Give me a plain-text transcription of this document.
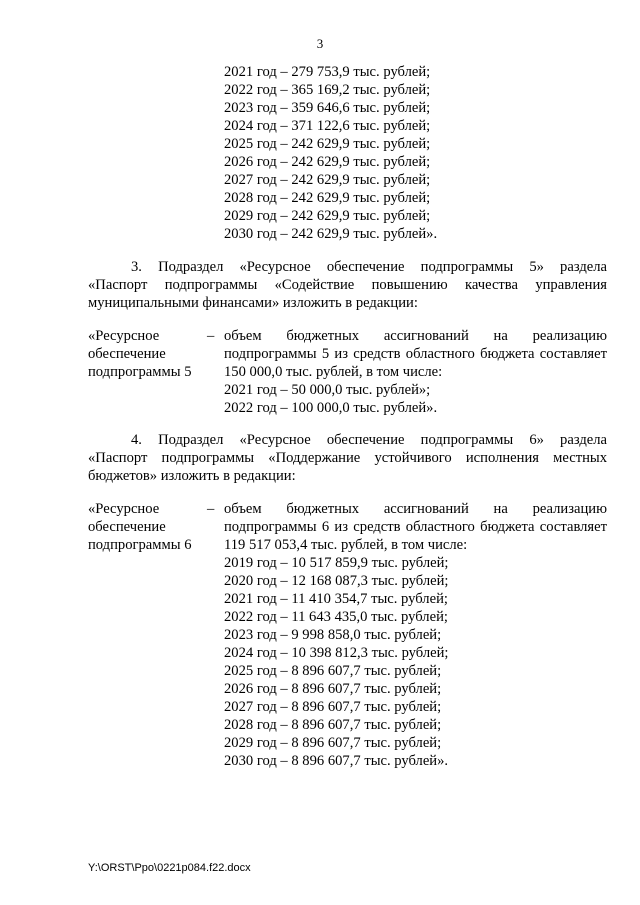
3
2021 год – 279 753,9 тыс. рублей;
2022 год – 365 169,2 тыс. рублей;
2023 год – 359 646,6 тыс. рублей;
2024 год – 371 122,6 тыс. рублей;
2025 год – 242 629,9 тыс. рублей;
2026 год – 242 629,9 тыс. рублей;
2027 год – 242 629,9 тыс. рублей;
2028 год – 242 629,9 тыс. рублей;
2029 год – 242 629,9 тыс. рублей;
2030 год – 242 629,9 тыс. рублей».
3. Подраздел «Ресурсное обеспечение подпрограммы 5» раздела
«Паспорт подпрограммы «Содействие повышению качества управления
муниципальными финансами» изложить в редакции:
«Ресурсное
обеспечение
подпрограммы 5
– объем бюджетных ассигнований на реализацию
подпрограммы 5 из средств областного бюджета составляет
150 000,0 тыс. рублей, в том числе:
2021 год – 50 000,0 тыс. рублей»;
2022 год – 100 000,0 тыс. рублей».
4. Подраздел «Ресурсное обеспечение подпрограммы 6» раздела
«Паспорт подпрограммы «Поддержание устойчивого исполнения местных
бюджетов» изложить в редакции:
«Ресурсное
обеспечение
подпрограммы 6
– объем бюджетных ассигнований на реализацию
подпрограммы 6 из средств областного бюджета составляет
119 517 053,4 тыс. рублей, в том числе:
2019 год – 10 517 859,9 тыс. рублей;
2020 год – 12 168 087,3 тыс. рублей;
2021 год – 11 410 354,7 тыс. рублей;
2022 год – 11 643 435,0 тыс. рублей;
2023 год – 9 998 858,0 тыс. рублей;
2024 год – 10 398 812,3 тыс. рублей;
2025 год – 8 896 607,7 тыс. рублей;
2026 год – 8 896 607,7 тыс. рублей;
2027 год – 8 896 607,7 тыс. рублей;
2028 год – 8 896 607,7 тыс. рублей;
2029 год – 8 896 607,7 тыс. рублей;
2030 год – 8 896 607,7 тыс. рублей».
Y:\ORST\Ppo\0221p084.f22.docx
